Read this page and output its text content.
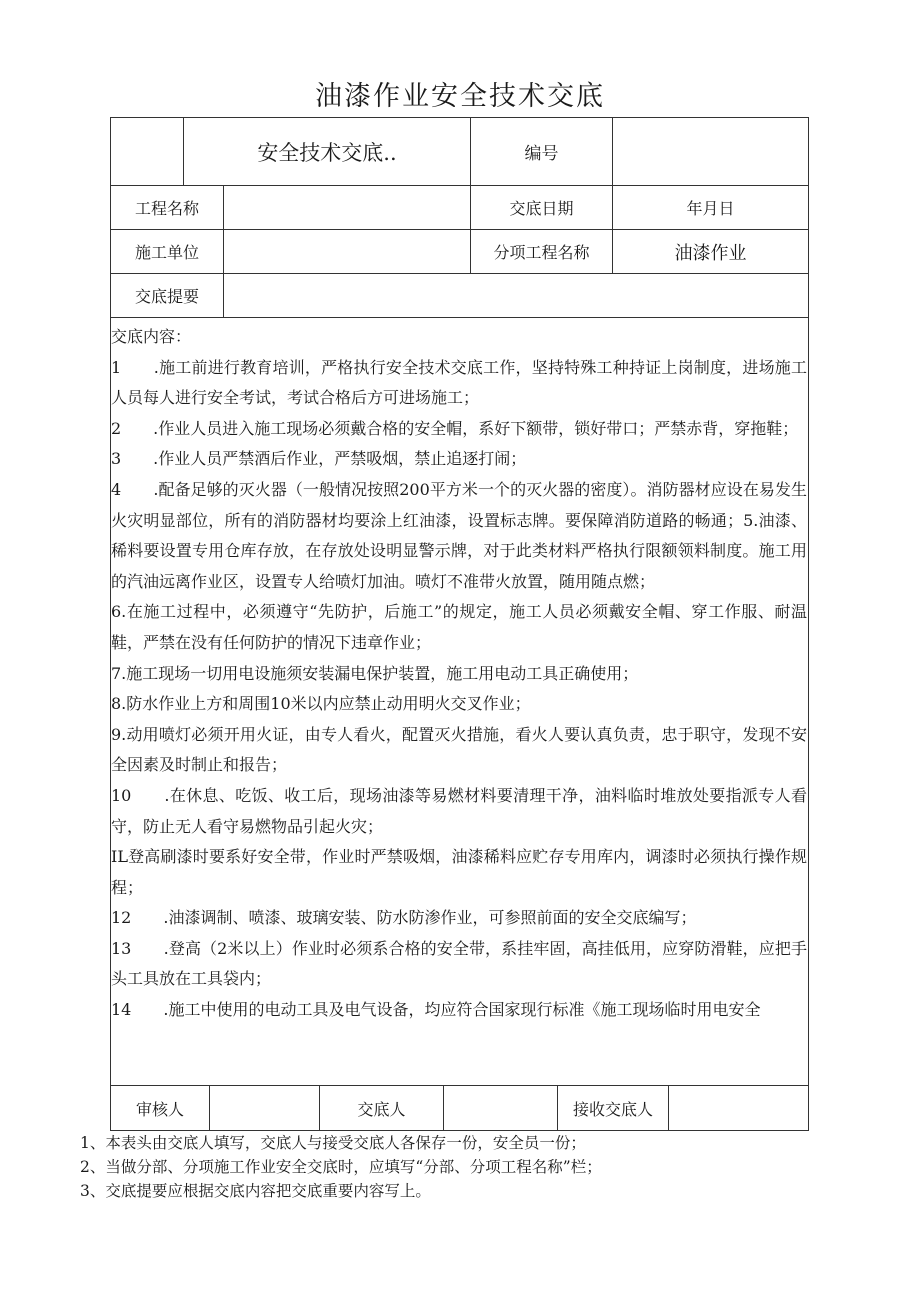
油漆作业安全技术交底
安全技术交底..	编号
工程名称	交底日期	年月日
施工单位	分项工程名称	油漆作业
交底提要

交底内容：

1　　.施工前进行教育培训，严格执行安全技术交底工作，坚持特殊工种持证上岗制度，进场施工人员每人进行安全考试，考试合格后方可进场施工；

2　　.作业人员进入施工现场必须戴合格的安全帽，系好下额带，锁好带口；严禁赤背，穿拖鞋；

3　　.作业人员严禁酒后作业，严禁吸烟，禁止追逐打闹；

4　　.配备足够的灭火器（一般情况按照200平方米一个的灭火器的密度）。消防器材应设在易发生火灾明显部位，所有的消防器材均要涂上红油漆，设置标志牌。要保障消防道路的畅通；5.油漆、稀料要设置专用仓库存放，在存放处设明显警示牌，对于此类材料严格执行限额领料制度。施工用的汽油远离作业区，设置专人给喷灯加油。喷灯不准带火放置，随用随点燃；

6.在施工过程中，必须遵守“先防护，后施工”的规定，施工人员必须戴安全帽、穿工作服、耐温鞋，严禁在没有任何防护的情况下违章作业；

7.施工现场一切用电设施须安装漏电保护装置，施工用电动工具正确使用；

8.防水作业上方和周围10米以内应禁止动用明火交叉作业；

9.动用喷灯必须开用火证，由专人看火，配置灭火措施，看火人要认真负责，忠于职守，发现不安全因素及时制止和报告；

10　　.在休息、吃饭、收工后，现场油漆等易燃材料要清理干净，油料临时堆放处要指派专人看守，防止无人看守易燃物品引起火灾；

IL登高刷漆时要系好安全带，作业时严禁吸烟，油漆稀料应贮存专用库内，调漆时必须执行操作规程；

12　　.油漆调制、喷漆、玻璃安装、防水防渗作业，可参照前面的安全交底编写；

13　　.登高（2米以上）作业时必须系合格的安全带，系挂牢固，高挂低用，应穿防滑鞋，应把手头工具放在工具袋内；

14　　.施工中使用的电动工具及电气设备，均应符合国家现行标准《施工现场临时用电安全

审核人	交底人	接收交底人
1、本表头由交底人填写，交底人与接受交底人各保存一份，安全员一份；
2、当做分部、分项施工作业安全交底时，应填写“分部、分项工程名称”栏；
3、交底提要应根据交底内容把交底重要内容写上。
